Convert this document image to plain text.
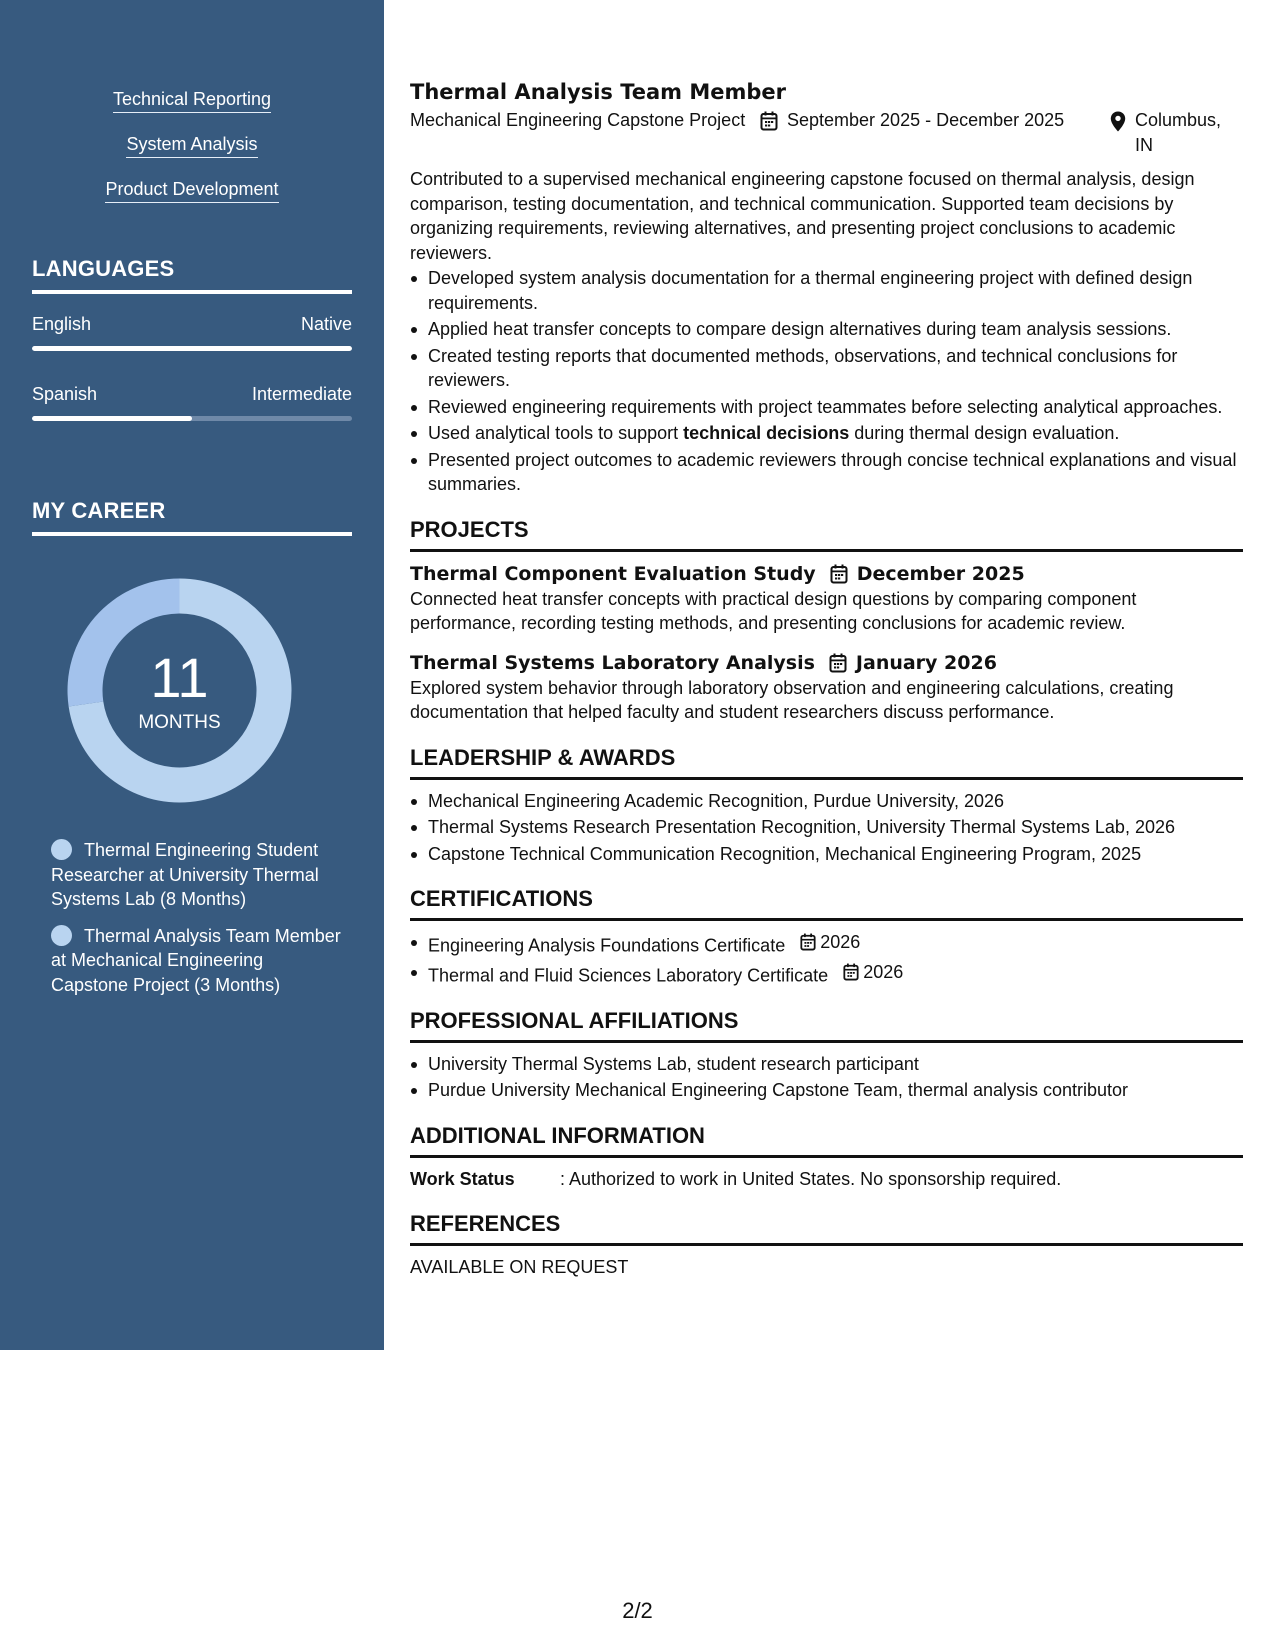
Technical Reporting
System Analysis
Product Development
LANGUAGES
English	Native
Spanish	Intermediate
MY CAREER
11
MONTHS
Thermal Engineering Student Researcher at University Thermal Systems Lab (8 Months)
Thermal Analysis Team Member at Mechanical Engineering Capstone Project (3 Months)
Thermal Analysis Team Member
Mechanical Engineering Capstone Project	September 2025 - December 2025	Columbus, IN
Contributed to a supervised mechanical engineering capstone focused on thermal analysis, design comparison, testing documentation, and technical communication. Supported team decisions by organizing requirements, reviewing alternatives, and presenting project conclusions to academic reviewers.
Developed system analysis documentation for a thermal engineering project with defined design requirements.
Applied heat transfer concepts to compare design alternatives during team analysis sessions.
Created testing reports that documented methods, observations, and technical conclusions for reviewers.
Reviewed engineering requirements with project teammates before selecting analytical approaches.
Used analytical tools to support technical decisions during thermal design evaluation.
Presented project outcomes to academic reviewers through concise technical explanations and visual summaries.
PROJECTS
Thermal Component Evaluation Study December 2025
Connected heat transfer concepts with practical design questions by comparing component performance, recording testing methods, and presenting conclusions for academic review.
Thermal Systems Laboratory Analysis January 2026
Explored system behavior through laboratory observation and engineering calculations, creating documentation that helped faculty and student researchers discuss performance.
LEADERSHIP & AWARDS
Mechanical Engineering Academic Recognition, Purdue University, 2026
Thermal Systems Research Presentation Recognition, University Thermal Systems Lab, 2026
Capstone Technical Communication Recognition, Mechanical Engineering Program, 2025
CERTIFICATIONS
Engineering Analysis Foundations Certificate 2026
Thermal and Fluid Sciences Laboratory Certificate 2026
PROFESSIONAL AFFILIATIONS
University Thermal Systems Lab, student research participant
Purdue University Mechanical Engineering Capstone Team, thermal analysis contributor
ADDITIONAL INFORMATION
Work Status	: Authorized to work in United States. No sponsorship required.
REFERENCES
AVAILABLE ON REQUEST
2/2
